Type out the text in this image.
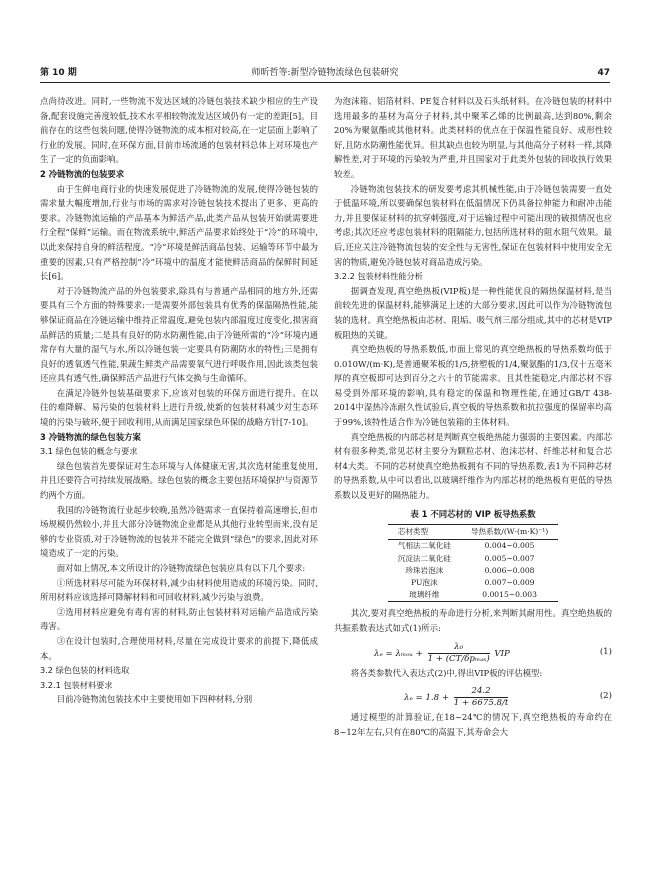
第 10 期	师昕哲等:新型冷链物流绿色包装研究	47

点尚待改进。同时,一些物流不发达区域的冷链包装技术缺少相应的生产设备,配套设施完善度较低,技术水平相较物流发达区域仍有一定的差距[5]。目前存在的这些包装问题,使得冷链物流的成本相对较高,在一定层面上影响了行业的发展。同时,在环保方面,目前市场流通的包装材料总体上对环境也产生了一定的负面影响。

2 冷链物流的包装要求

由于生鲜电商行业的快速发展促进了冷链物流的发展,使得冷链包装的需求量大幅度增加,行业与市场的需求对冷链包装技术提出了更多、更高的要求。冷链物流运输的产品基本为鲜活产品,此类产品从包装开始就需要进行全程“保鲜”运输。而在物流系统中,鲜活产品要求始终处于“冷”的环境中,以此来保持自身的鲜活程度。“冷”环境是鲜活商品包装、运输等环节中最为重要的因素,只有严格控制“冷”环境中的温度才能使鲜活商品的保鲜时间延长[6]。

对于冷链物流产品的外包装要求,除具有与普通产品相同的地方外,还需要具有三个方面的特殊要求:一是需要外部包装具有优秀的保温隔热性能,能够保证商品在冷链运输中维持正常温度,避免包装内部温度过度变化,损害商品鲜活的质量;二是具有良好的防水防潮性能,由于冷链所需的“冷”环境内通常存有大量的湿气与水,所以冷链包装一定要具有防潮防水的特性;三是拥有良好的透氧透气性能,果蔬生鲜类产品需要氧气进行呼吸作用,因此该类包装还应具有透气性,确保鲜活产品进行气体交换与生命循环。

在满足冷链外包装基础要求下,应该对包装的环保方面进行提升。在以往的难降解、易污染的包装材料上进行升级,使新的包装材料减少对生态环境的污染与破坏,便于回收利用,从而满足国家绿色环保的战略方针[7-10]。

3 冷链物流的绿色包装方案
3.1 绿色包装的概念与要求

绿色包装首先要保证对生态环境与人体健康无害,其次选材能重复使用,并且还要符合可持续发展战略。绿色包装的概念主要包括环境保护与资源节约两个方面。

我国的冷链物流行业起步较晚,虽然冷链需求一直保持着高速增长,但市场规模仍然较小,并且大部分冷链物流企业都是从其他行业转型而来,没有足够的专业资质,对于冷链物流的包装并不能完全做到“绿色”的要求,因此对环境造成了一定的污染。

面对如上情况,本文所设计的冷链物流绿色包装应具有以下几个要求:

①所选材料尽可能为环保材料,减少由材料使用造成的环境污染。同时,所用材料应该选择可降解材料和可回收材料,减少污染与浪费。

②选用材料应避免有毒有害的材料,防止包装材料对运输产品造成污染毒害。

③在设计包装时,合理使用材料,尽量在完成设计要求的前提下,降低成本。

3.2 绿色包装的材料选取
3.2.1 包装材料要求

目前冷链物流包装技术中主要使用如下四种材料,分别

为泡沫箱、铝箔材料、PE复合材料以及石头纸材料。在冷链包装的材料中选用最多的基材为高分子材料,其中聚苯乙烯的比例最高,达到80%,剩余20%为聚氨酯或其他材料。此类材料的优点在于保温性能良好、成形性较好,且防水防潮性能优异。但其缺点也较为明显,与其他高分子材料一样,其降解性差,对于环境的污染较为严重,并且国家对于此类外包装的回收执行效果较差。

冷链物流包装技术的研发要考虑其机械性能,由于冷链包装需要一直处于低温环境,所以要确保包装材料在低温情况下仍具备拉伸能力和耐冲击能力,并且要保证材料的抗穿刺强度,对于运输过程中可能出现的破损情况也应考虑;其次还应考虑包装材料的阻隔能力,包括所选材料的阻水阻气效果。最后,还应关注冷链物流包装的安全性与无害性,保证在包装材料中使用安全无害的物质,避免冷链包装对商品造成污染。

3.2.2 包装材料性能分析

据调查发现,真空绝热板(VIP板)是一种性能优良的隔热保温材料,是当前较先进的保温材料,能够满足上述的大部分要求,因此可以作为冷链物流包装的选材。真空绝热板由芯材、阻垢、吸气剂三部分组成,其中的芯材是VIP板阻热的关键。

真空绝热板的导热系数低,市面上常见的真空绝热板的导热系数均低于0.010W/(m·K),是普通聚苯板的1/5,挤塑板的1/4,聚氨酯的1/3,仅十五毫米厚的真空板即可达到百分之六十的节能需求。且其性能稳定,内部芯材不容易受到外部环境的影响,具有稳定的保温和物理性能,在通过GB/T 438-2014中湿热冷冻耐久性试验后,真空板的导热系数和抗拉强度的保留率均高于99%,该特性适合作为冷链包装箱的主体材料。

真空绝热板的内部芯材是判断真空板绝热能力强弱的主要因素。内部芯材有很多种类,常见芯材主要分为颗粒芯材、泡沫芯材、纤维芯材和复合芯材4大类。不同的芯材使真空绝热板拥有不同的导热系数,表1为不同种芯材的导热系数,从中可以看出,以玻璃纤维作为内部芯材的绝热板有更低的导热系数以及更好的隔热能力。

表 1 不同芯材的 VIP 板导热系数
芯材类型	导热系数/(W·(m·K)⁻¹)
气相法二氧化硅	0.004~0.005
沉淀法二氧化硅	0.005~0.007
珍珠岩泡沫	0.006~0.008
PU泡沫	0.007~0.009
玻璃纤维	0.0015~0.003

其次,要对真空绝热板的寿命进行分析,来判断其耐用性。真空绝热板的共振系数表达式如式(1)所示:

λₑ = λₘₒᵤ +
λ₀
1 + (CT/δpₘₐₛ) VIP	(1)

将各类参数代入表达式(2)中,得出VIP板的评估模型:

$\lambda_e = 1.8 + \frac{24.2}{1 + 6675.8/t}$	(2)

通过模型的計算验证,在18~24℃的情况下,真空绝热板的寿命约在8~12年左右,只有在80℃的高温下,其寿命会大
